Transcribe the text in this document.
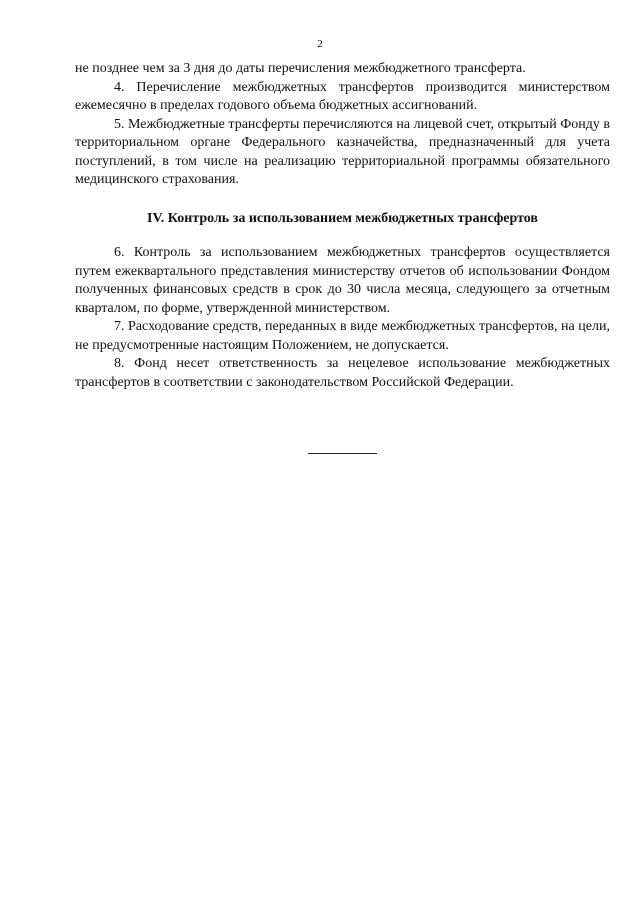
2

не позднее чем за 3 дня до даты перечисления межбюджетного трансферта.

4. Перечисление межбюджетных трансфертов производится министерством ежемесячно в пределах годового объема бюджетных ассигнований.

5. Межбюджетные трансферты перечисляются на лицевой счет, открытый Фонду в территориальном органе Федерального казначейства, предназначенный для учета поступлений, в том числе на реализацию территориальной программы обязательного медицинского страхования.

IV. Контроль за использованием межбюджетных трансфертов

6. Контроль за использованием межбюджетных трансфертов осуществляется путем ежеквартального представления министерству отчетов об использовании Фондом полученных финансовых средств в срок до 30 числа месяца, следующего за отчетным кварталом, по форме, утвержденной министерством.

7. Расходование средств, переданных в виде межбюджетных трансфертов, на цели, не предусмотренные настоящим Положением, не допускается.

8. Фонд несет ответственность за нецелевое использование межбюджетных трансфертов в соответствии с законодательством Российской Федерации.
